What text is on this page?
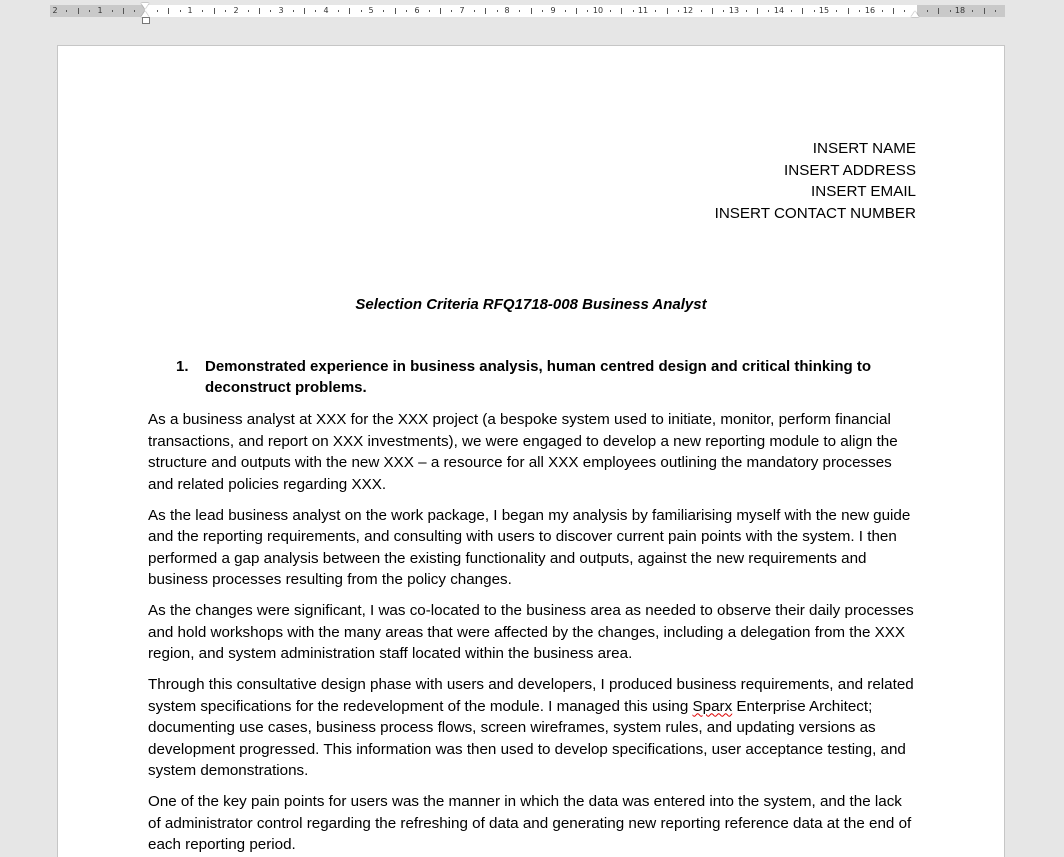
2	1	1	2	3	4	5	6	7	8	9	10	11	12	13	14	15	16	18
INSERT NAME
INSERT ADDRESS
INSERT EMAIL
INSERT CONTACT NUMBER
Selection Criteria RFQ1718-008 Business Analyst
1. Demonstrated experience in business analysis, human centred design and critical thinking to deconstruct problems.

As a business analyst at XXX for the XXX project (a bespoke system used to initiate, monitor, perform financial transactions, and report on XXX investments), we were engaged to develop a new reporting module to align the structure and outputs with the new XXX – a resource for all XXX employees outlining the mandatory processes and related policies regarding XXX.

As the lead business analyst on the work package, I began my analysis by familiarising myself with the new guide and the reporting requirements, and consulting with users to discover current pain points with the system. I then performed a gap analysis between the existing functionality and outputs, against the new requirements and business processes resulting from the policy changes.

As the changes were significant, I was co-located to the business area as needed to observe their daily processes and hold workshops with the many areas that were affected by the changes, including a delegation from the XXX region, and system administration staff located within the business area.

Through this consultative design phase with users and developers, I produced business requirements, and related system specifications for the redevelopment of the module. I managed this using Sparx Enterprise Architect; documenting use cases, business process flows, screen wireframes, system rules, and updating versions as development progressed. This information was then used to develop specifications, user acceptance testing, and system demonstrations.

One of the key pain points for users was the manner in which the data was entered into the system, and the lack of administrator control regarding the refreshing of data and generating new reporting reference data at the end of each reporting period.
